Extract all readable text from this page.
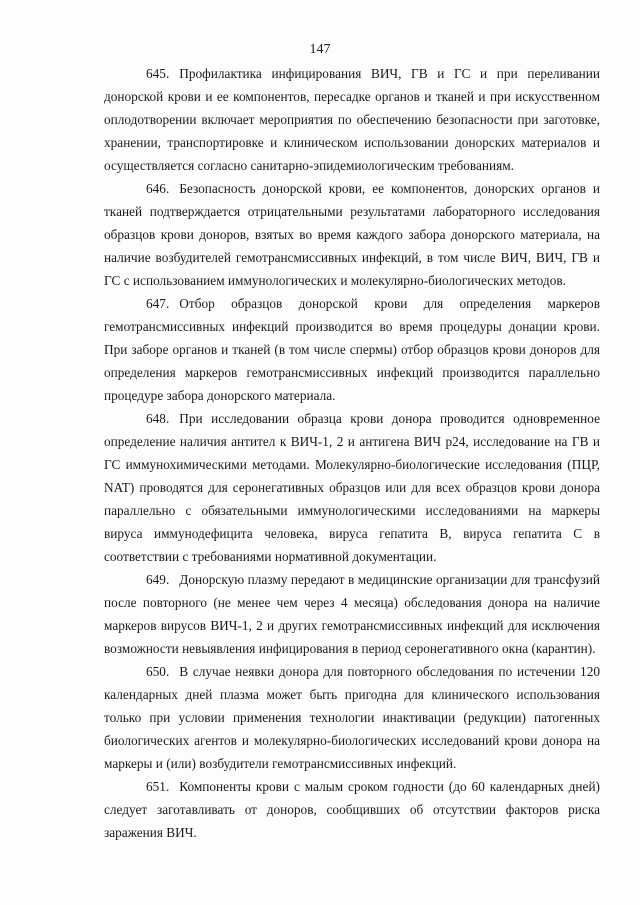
147

645. Профилактика инфицирования ВИЧ, ГВ и ГС и при переливании донорской крови и ее компонентов, пересадке органов и тканей и при искусственном оплодотворении включает мероприятия по обеспечению безопасности при заготовке, хранении, транспортировке и клиническом использовании донорских материалов и осуществляется согласно санитарно-эпидемиологическим требованиям.

646. Безопасность донорской крови, ее компонентов, донорских органов и тканей подтверждается отрицательными результатами лабораторного исследования образцов крови доноров, взятых во время каждого забора донорского материала, на наличие возбудителей гемотрансмиссивных инфекций, в том числе ВИЧ, ВИЧ, ГВ и ГС с использованием иммунологических и молекулярно-биологических методов.

647. Отбор образцов донорской крови для определения маркеров гемотрансмиссивных инфекций производится во время процедуры донации крови. При заборе органов и тканей (в том числе спермы) отбор образцов крови доноров для определения маркеров гемотрансмиссивных инфекций производится параллельно процедуре забора донорского материала.

648. При исследовании образца крови донора проводится одновременное определение наличия антител к ВИЧ-1, 2 и антигена ВИЧ р24, исследование на ГВ и ГС иммунохимическими методами. Молекулярно-биологические исследования (ПЦР, NAT) проводятся для серонегативных образцов или для всех образцов крови донора параллельно с обязательными иммунологическими исследованиями на маркеры вируса иммунодефицита человека, вируса гепатита В, вируса гепатита С в соответствии с требованиями нормативной документации.

649. Донорскую плазму передают в медицинские организации для трансфузий после повторного (не менее чем через 4 месяца) обследования донора на наличие маркеров вирусов ВИЧ-1, 2 и других гемотрансмиссивных инфекций для исключения возможности невыявления инфицирования в период серонегативного окна (карантин).

650. В случае неявки донора для повторного обследования по истечении 120 календарных дней плазма может быть пригодна для клинического использования только при условии применения технологии инактивации (редукции) патогенных биологических агентов и молекулярно-биологических исследований крови донора на маркеры и (или) возбудители гемотрансмиссивных инфекций.

651. Компоненты крови с малым сроком годности (до 60 календарных дней) следует заготавливать от доноров, сообщивших об отсутствии факторов риска заражения ВИЧ.
